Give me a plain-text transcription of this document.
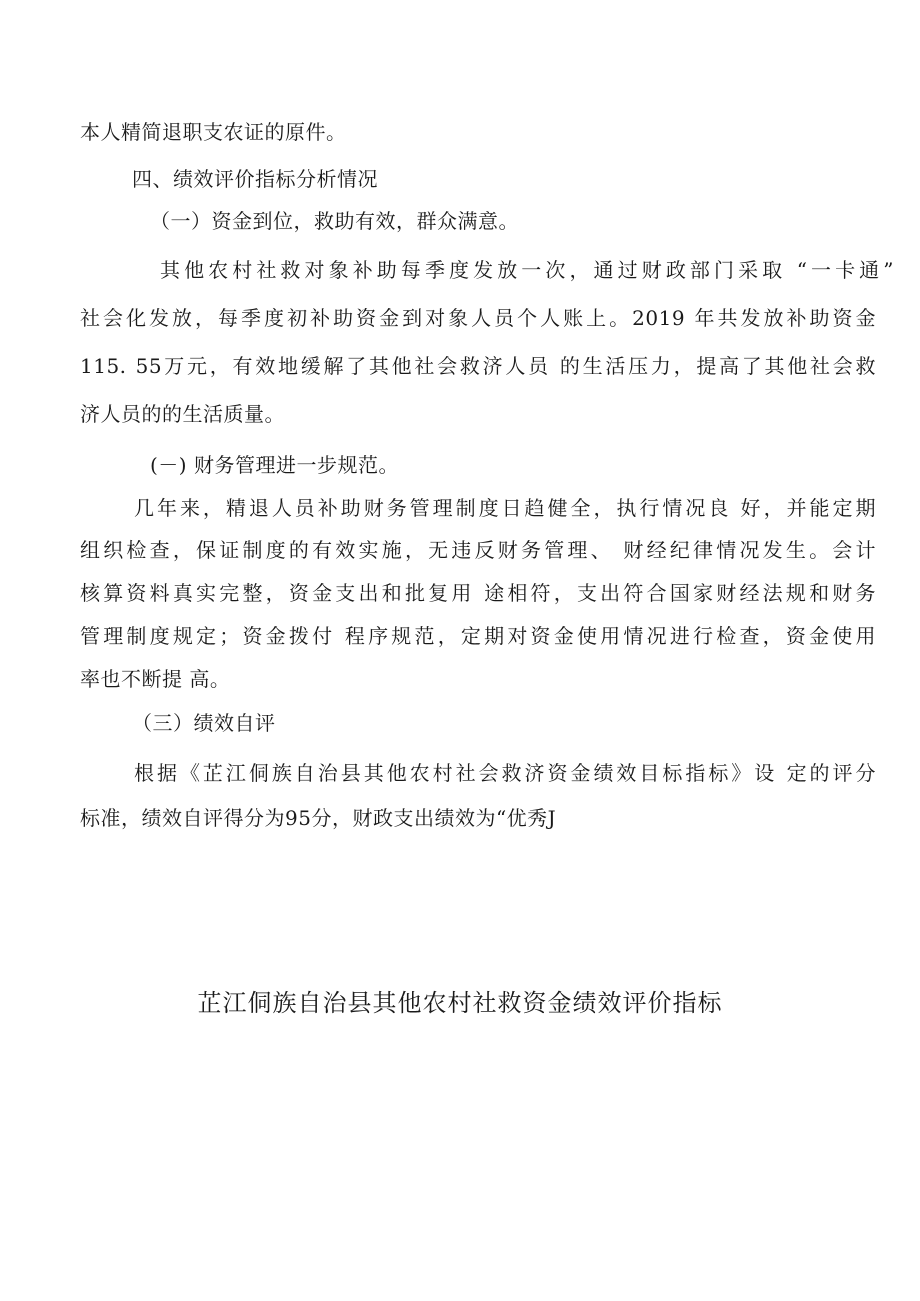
本人精简退职支农证的原件。
四、绩效评价指标分析情况
（一）资金到位，救助有效，群众满意。
其他农村社救对象补助每季度发放一次，通过财政部门采取 “一卡通”
社会化发放，每季度初补助资金到对象人员个人账上。2019 年共发放补助资金
115. 55万元，有效地缓解了其他社会救济人员 的生活压力，提高了其他社会救
济人员的的生活质量。
(－) 财务管理进一步规范。
几年来，精退人员补助财务管理制度日趋健全，执行情况良 好，并能定期
组织检查，保证制度的有效实施，无违反财务管理、 财经纪律情况发生。会计
核算资料真实完整，资金支出和批复用 途相符，支出符合国家财经法规和财务
管理制度规定；资金拨付 程序规范，定期对资金使用情况进行检查，资金使用
率也不断提 高。
（三）绩效自评
根据《芷江侗族自治县其他农村社会救济资金绩效目标指标》设 定的评分
标准，绩效自评得分为95分，财政支出绩效为“优秀J
芷江侗族自治县其他农村社救资金绩效评价指标
